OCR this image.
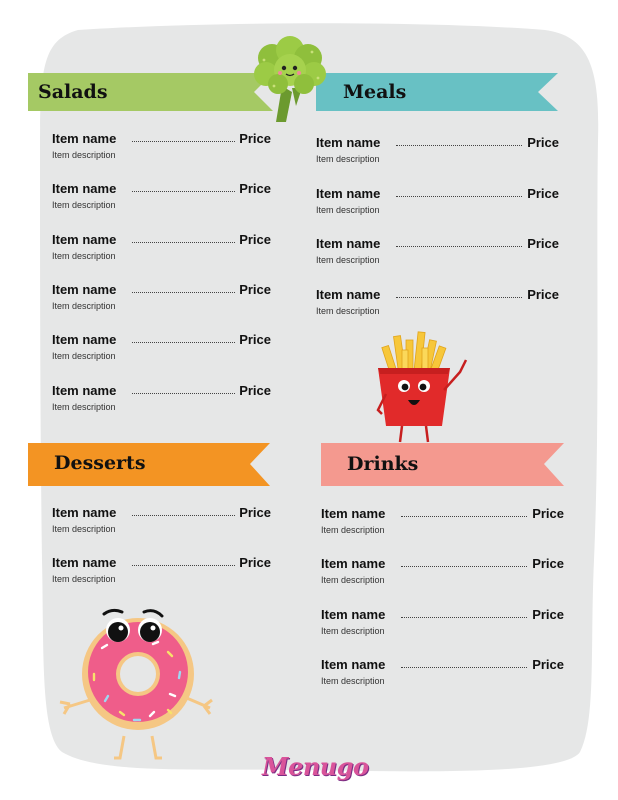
Salads	Meals
Desserts	Drinks
Item name	Price
Item description
Item name	Price
Item description
Item name	Price
Item description
Item name	Price
Item description
Item name	Price
Item description
Item name	Price
Item description
Item name	Price
Item description
Item name	Price
Item description
Item name	Price
Item description
Item name	Price
Item description
Item name	Price
Item description
Item name	Price
Item description
Item name	Price
Item description
Item name	Price
Item description
Item name	Price
Item description
Item name	Price
Item description
Menugo
